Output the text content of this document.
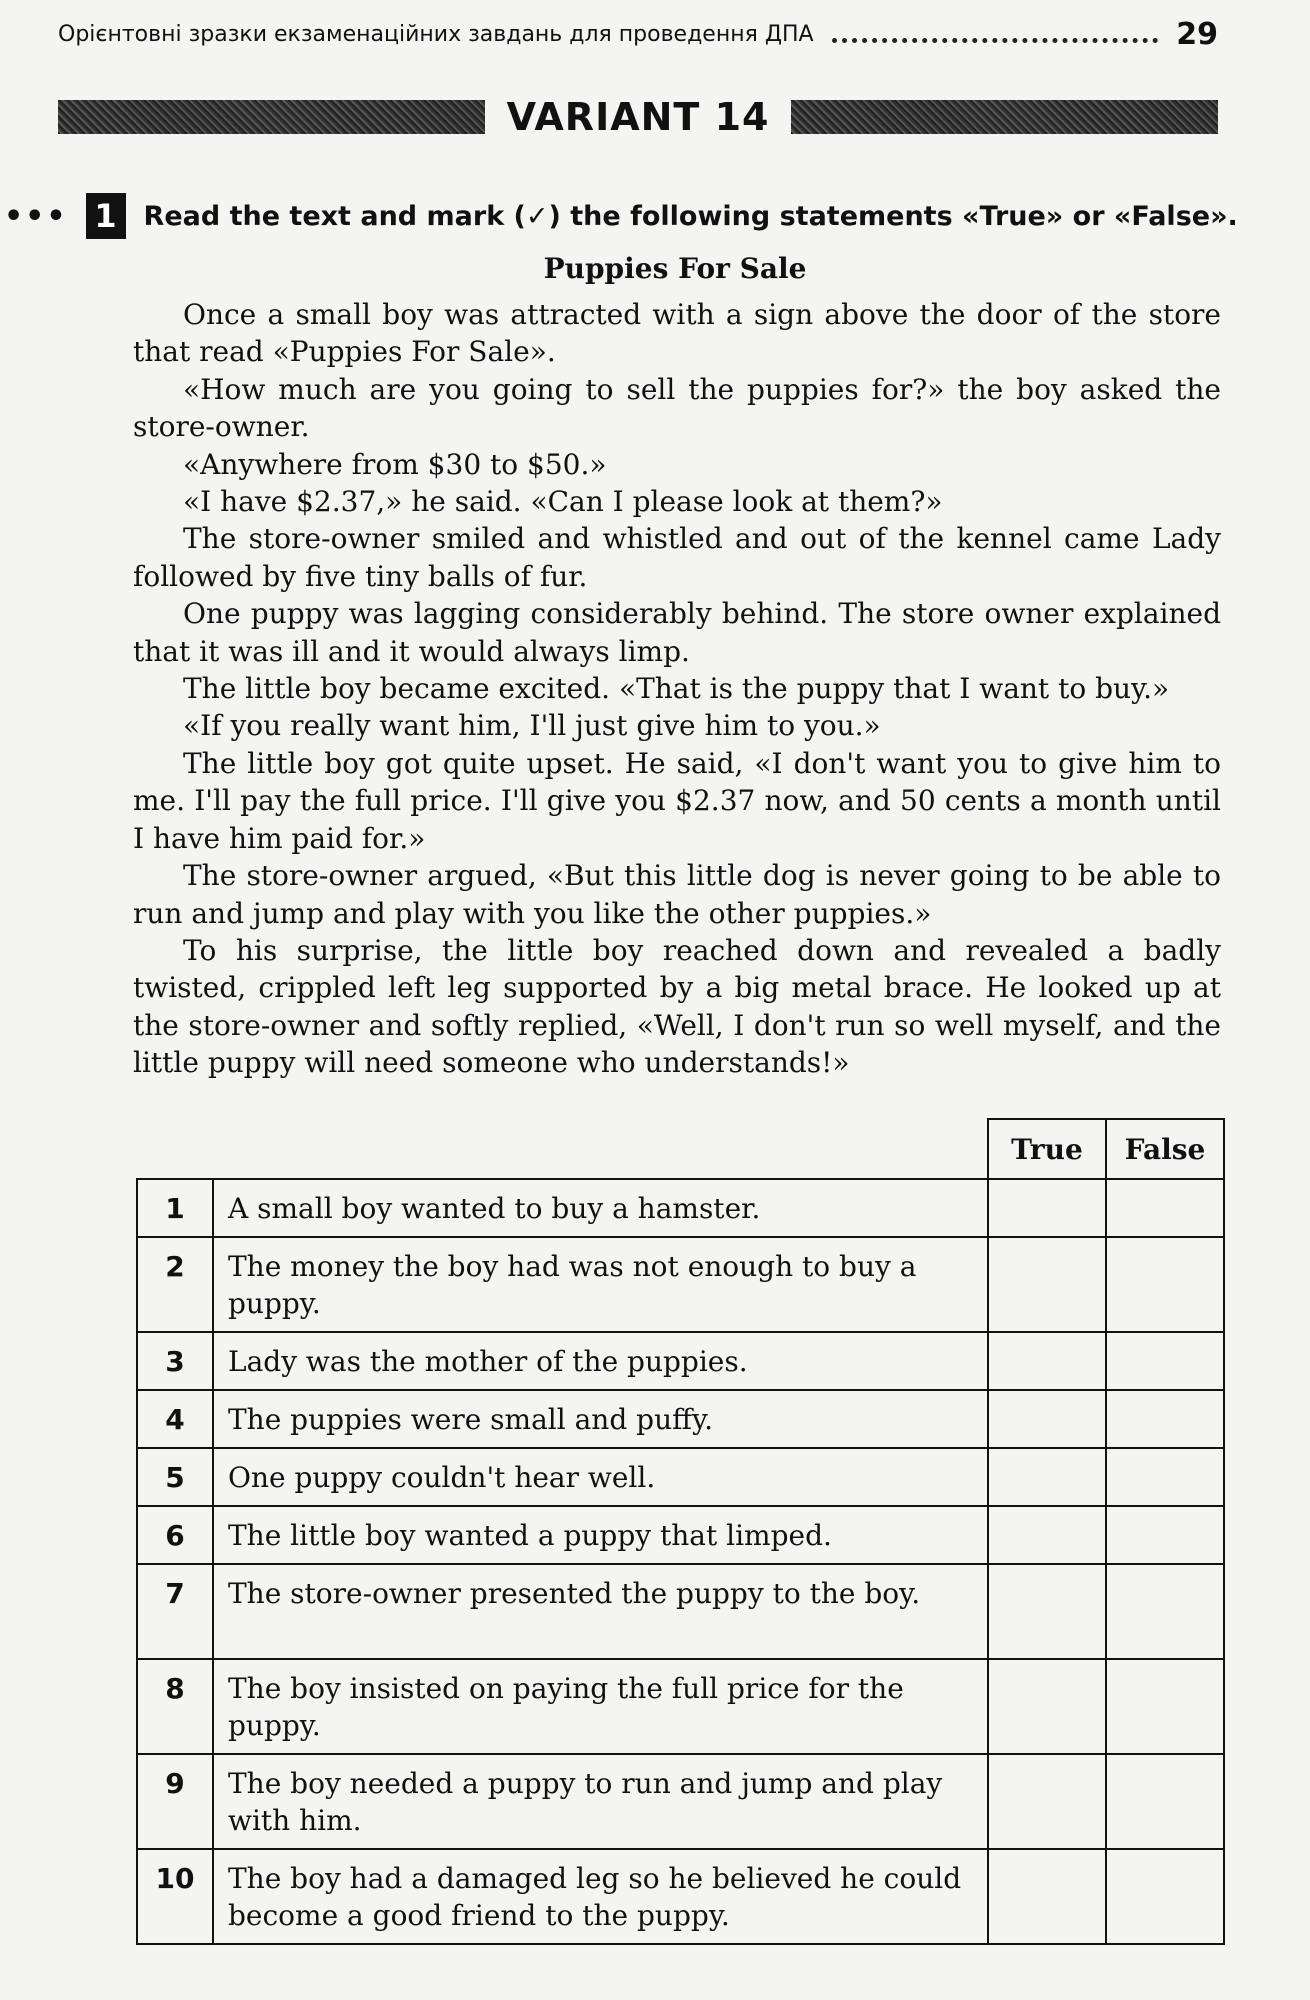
Орієнтовні зразки екзаменаційних завдань для проведення ДПА	29
VARIANT 14
••• 1 Read the text and mark (✓) the following statements «True» or «False».
Puppies For Sale

Once a small boy was attracted with a sign above the door of the store that read «Puppies For Sale».

«How much are you going to sell the puppies for?» the boy asked the store-owner.

«Anywhere from $30 to $50.»

«I have $2.37,» he said. «Can I please look at them?»

The store-owner smiled and whistled and out of the kennel came Lady followed by five tiny balls of fur.

One puppy was lagging considerably behind. The store owner explained that it was ill and it would always limp.

The little boy became excited. «That is the puppy that I want to buy.»

«If you really want him, I'll just give him to you.»

The little boy got quite upset. He said, «I don't want you to give him to me. I'll pay the full price. I'll give you $2.37 now, and 50 cents a month until I have him paid for.»

The store-owner argued, «But this little dog is never going to be able to run and jump and play with you like the other puppies.»

To his surprise, the little boy reached down and revealed a badly twisted, crippled left leg supported by a big metal brace. He looked up at the store-owner and softly replied, «Well, I don't run so well myself, and the little puppy will need someone who understands!»

		True	False
1	A small boy wanted to buy a hamster.		
2	The money the boy had was not enough to buy a puppy.		
3	Lady was the mother of the puppies.		
4	The puppies were small and puffy.		
5	One puppy couldn't hear well.		
6	The little boy wanted a puppy that limped.		
7	The store-owner presented the puppy to the boy.		
8	The boy insisted on paying the full price for the puppy.		
9	The boy needed a puppy to run and jump and play with him.		
10	The boy had a damaged leg so he believed he could become a good friend to the puppy.		
